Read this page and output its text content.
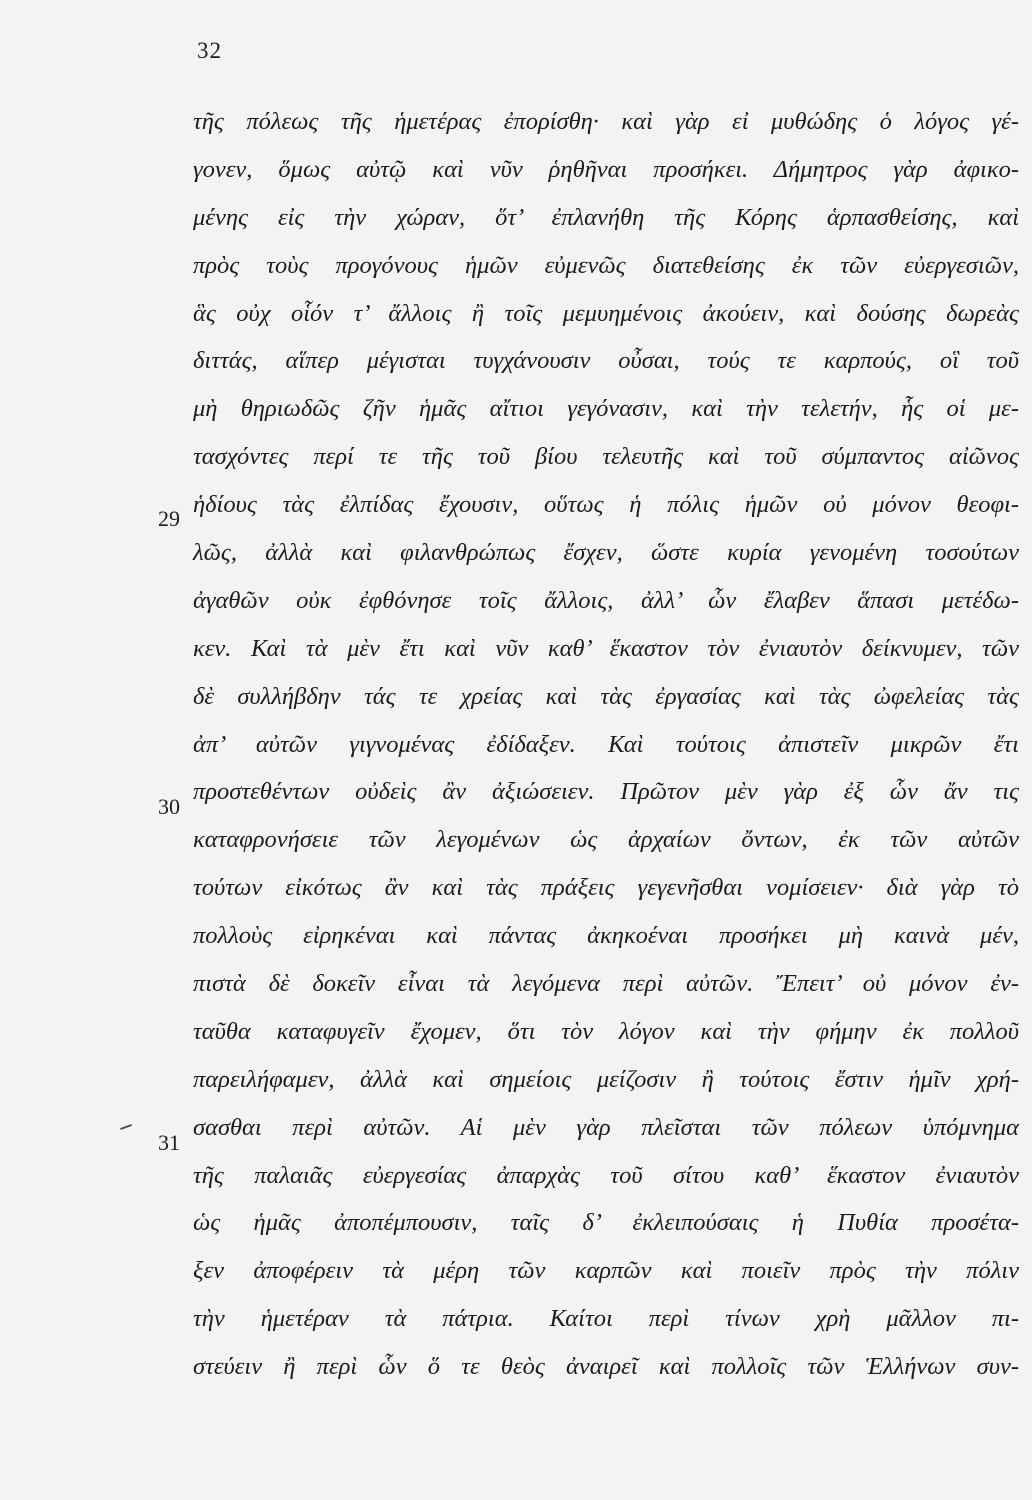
32
29
30
31
τῆς πόλεως τῆς ἡμετέρας ἐπορίσθη· καὶ γὰρ εἰ μυθώδης ὁ λόγος γέ-
γονεν, ὅμως αὐτῷ καὶ νῦν ῥηθῆναι προσήκει. Δήμητρος γὰρ ἀφικο-
μένης εἰς τὴν χώραν, ὅτ’ ἐπλανήθη τῆς Κόρης ἁρπασθείσης, καὶ
πρὸς τοὺς προγόνους ἡμῶν εὐμενῶς διατεθείσης ἐκ τῶν εὐεργεσιῶν,
ἃς οὐχ οἷόν τ’ ἄλλοις ἢ τοῖς μεμυημένοις ἀκούειν, καὶ δούσης δωρεὰς
διττάς, αἵπερ μέγισται τυγχάνουσιν οὖσαι, τούς τε καρπούς, οἳ τοῦ
μὴ θηριωδῶς ζῆν ἡμᾶς αἴτιοι γεγόνασιν, καὶ τὴν τελετήν, ἧς οἱ με-
τασχόντες περί τε τῆς τοῦ βίου τελευτῆς καὶ τοῦ σύμπαντος αἰῶνος
ἡδίους τὰς ἐλπίδας ἔχουσιν, οὕτως ἡ πόλις ἡμῶν οὐ μόνον θεοφι-
λῶς, ἀλλὰ καὶ φιλανθρώπως ἔσχεν, ὥστε κυρία γενομένη τοσούτων
ἀγαθῶν οὐκ ἐφθόνησε τοῖς ἄλλοις, ἀλλ’ ὧν ἔλαβεν ἅπασι μετέδω-
κεν. Καὶ τὰ μὲν ἔτι καὶ νῦν καθ’ ἕκαστον τὸν ἐνιαυτὸν δείκνυμεν, τῶν
δὲ συλλήβδην τάς τε χρείας καὶ τὰς ἐργασίας καὶ τὰς ὠφελείας τὰς
ἀπ’ αὐτῶν γιγνομένας ἐδίδαξεν. Καὶ τούτοις ἀπιστεῖν μικρῶν ἔτι
προστεθέντων οὐδεὶς ἂν ἀξιώσειεν. Πρῶτον μὲν γὰρ ἐξ ὧν ἄν τις
καταφρονήσειε τῶν λεγομένων ὡς ἀρχαίων ὄντων, ἐκ τῶν αὐτῶν
τούτων εἰκότως ἂν καὶ τὰς πράξεις γεγενῆσθαι νομίσειεν· διὰ γὰρ τὸ
πολλοὺς εἰρηκέναι καὶ πάντας ἀκηκοέναι προσήκει μὴ καινὰ μέν,
πιστὰ δὲ δοκεῖν εἶναι τὰ λεγόμενα περὶ αὐτῶν. Ἔπειτ’ οὐ μόνον ἐν-
ταῦθα καταφυγεῖν ἔχομεν, ὅτι τὸν λόγον καὶ τὴν φήμην ἐκ πολλοῦ
παρειλήφαμεν, ἀλλὰ καὶ σημείοις μείζοσιν ἢ τούτοις ἔστιν ἡμῖν χρή-
σασθαι περὶ αὐτῶν. Αἱ μὲν γὰρ πλεῖσται τῶν πόλεων ὑπόμνημα
τῆς παλαιᾶς εὐεργεσίας ἀπαρχὰς τοῦ σίτου καθ’ ἕκαστον ἐνιαυτὸν
ὡς ἡμᾶς ἀποπέμπουσιν, ταῖς δ’ ἐκλειπούσαις ἡ Πυθία προσέτα-
ξεν ἀποφέρειν τὰ μέρη τῶν καρπῶν καὶ ποιεῖν πρὸς τὴν πόλιν
τὴν ἡμετέραν τὰ πάτρια. Καίτοι περὶ τίνων χρὴ μᾶλλον πι-
στεύειν ἢ περὶ ὧν ὅ τε θεὸς ἀναιρεῖ καὶ πολλοῖς τῶν Ἑλλήνων συν-
